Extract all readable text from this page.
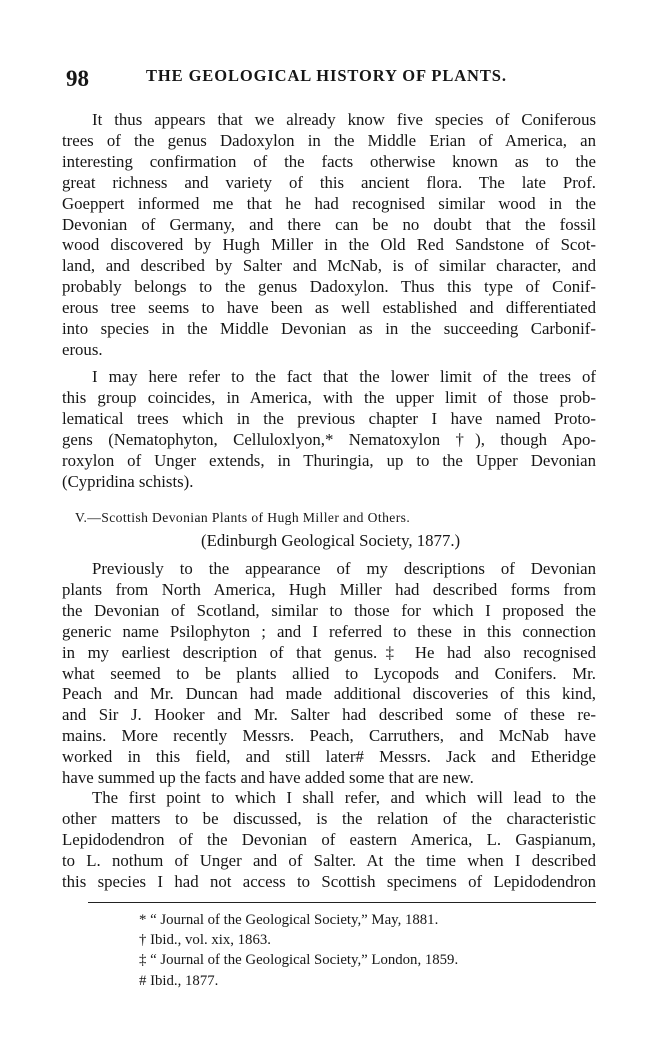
98	THE GEOLOGICAL HISTORY OF PLANTS.
It thus appears that we already know five species of Coniferous
trees of the genus Dadoxylon in the Middle Erian of America, an
interesting confirmation of the facts otherwise known as to the
great richness and variety of this ancient flora. The late Prof.
Goeppert informed me that he had recognised similar wood in the
Devonian of Germany, and there can be no doubt that the fossil
wood discovered by Hugh Miller in the Old Red Sandstone of Scot-
land, and described by Salter and McNab, is of similar character, and
probably belongs to the genus Dadoxylon. Thus this type of Conif-
erous tree seems to have been as well established and differentiated
into species in the Middle Devonian as in the succeeding Carbonif-
erous.
I may here refer to the fact that the lower limit of the trees of
this group coincides, in America, with the upper limit of those prob-
lematical trees which in the previous chapter I have named Proto-
gens (Nematophyton, Celluloxlyon,* Nematoxylon †), though Apo-
roxylon of Unger extends, in Thuringia, up to the Upper Devonian
(Cypridina schists).
V.—Scottish Devonian Plants of Hugh Miller and Others.
(Edinburgh Geological Society, 1877.)
Previously to the appearance of my descriptions of Devonian
plants from North America, Hugh Miller had described forms from
the Devonian of Scotland, similar to those for which I proposed the
generic name Psilophyton ; and I referred to these in this connection
in my earliest description of that genus.‡ He had also recognised
what seemed to be plants allied to Lycopods and Conifers. Mr.
Peach and Mr. Duncan had made additional discoveries of this kind,
and Sir J. Hooker and Mr. Salter had described some of these re-
mains. More recently Messrs. Peach, Carruthers, and McNab have
worked in this field, and still later# Messrs. Jack and Etheridge
have summed up the facts and have added some that are new.
The first point to which I shall refer, and which will lead to the
other matters to be discussed, is the relation of the characteristic
Lepidodendron of the Devonian of eastern America, L. Gaspianum,
to L. nothum of Unger and of Salter. At the time when I described
this species I had not access to Scottish specimens of Lepidodendron
* “ Journal of the Geological Society,” May, 1881.
† Ibid., vol. xix, 1863.
‡ “ Journal of the Geological Society,” London, 1859.
# Ibid., 1877.
